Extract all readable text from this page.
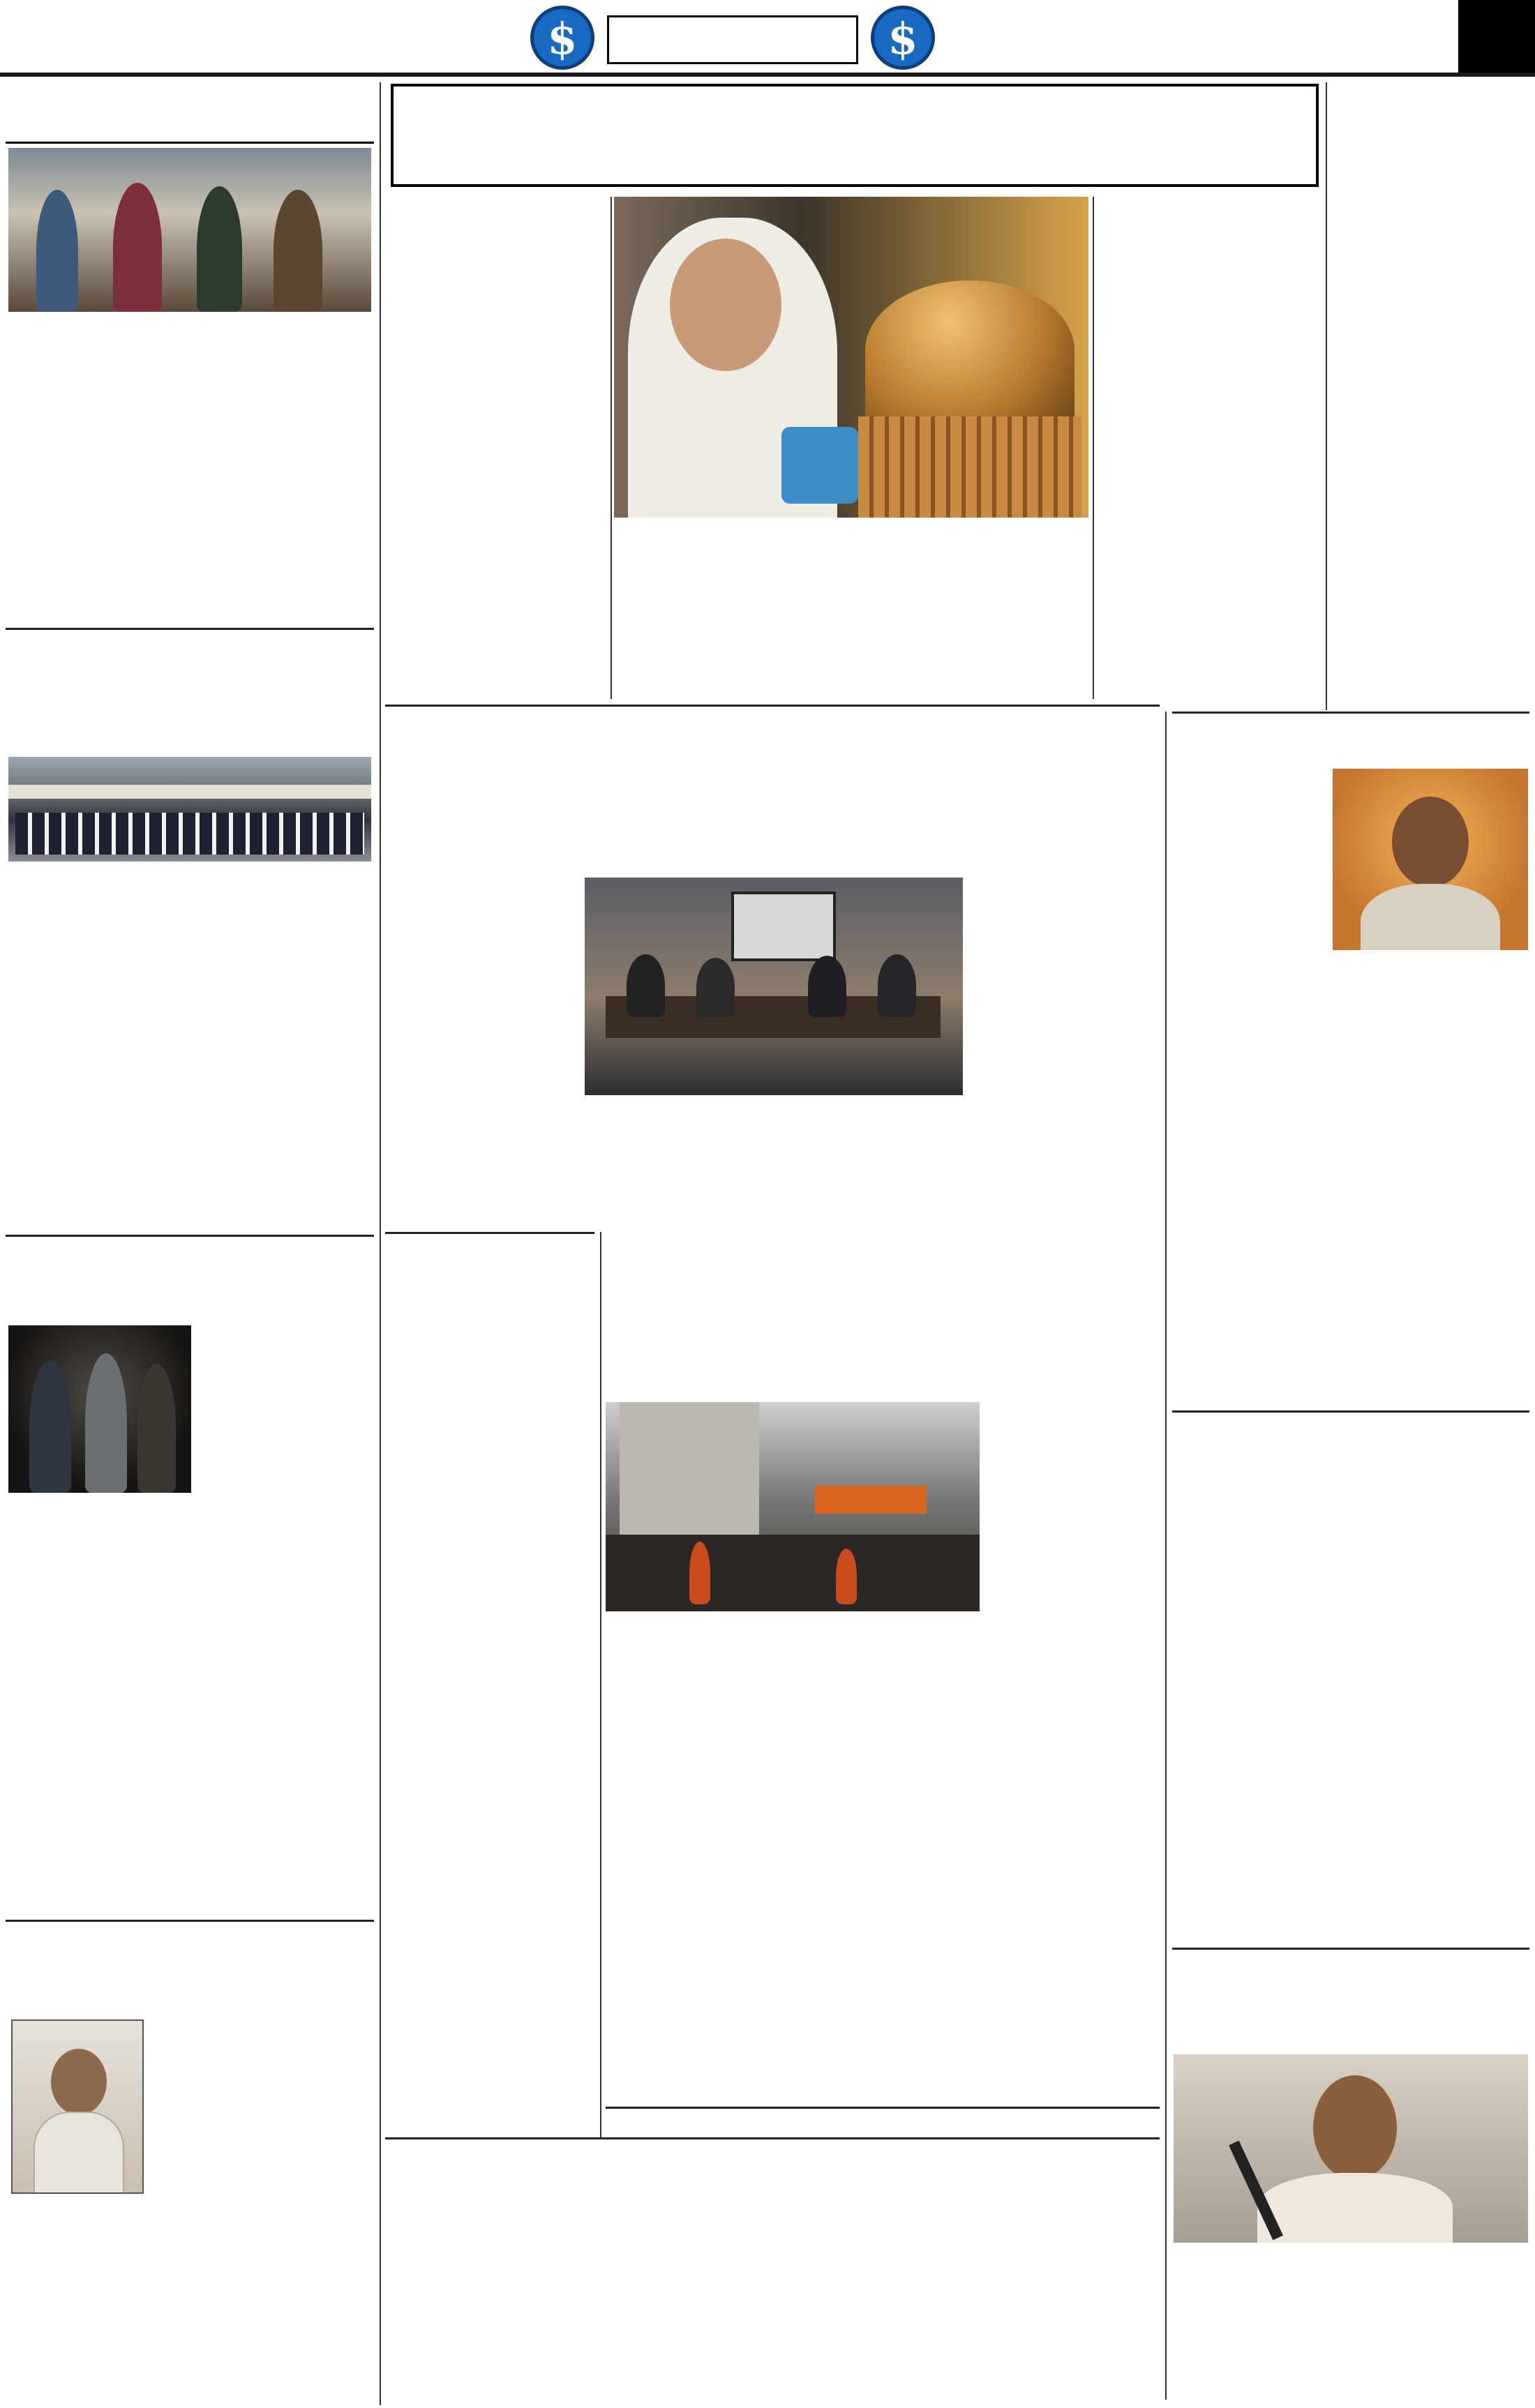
$
$
